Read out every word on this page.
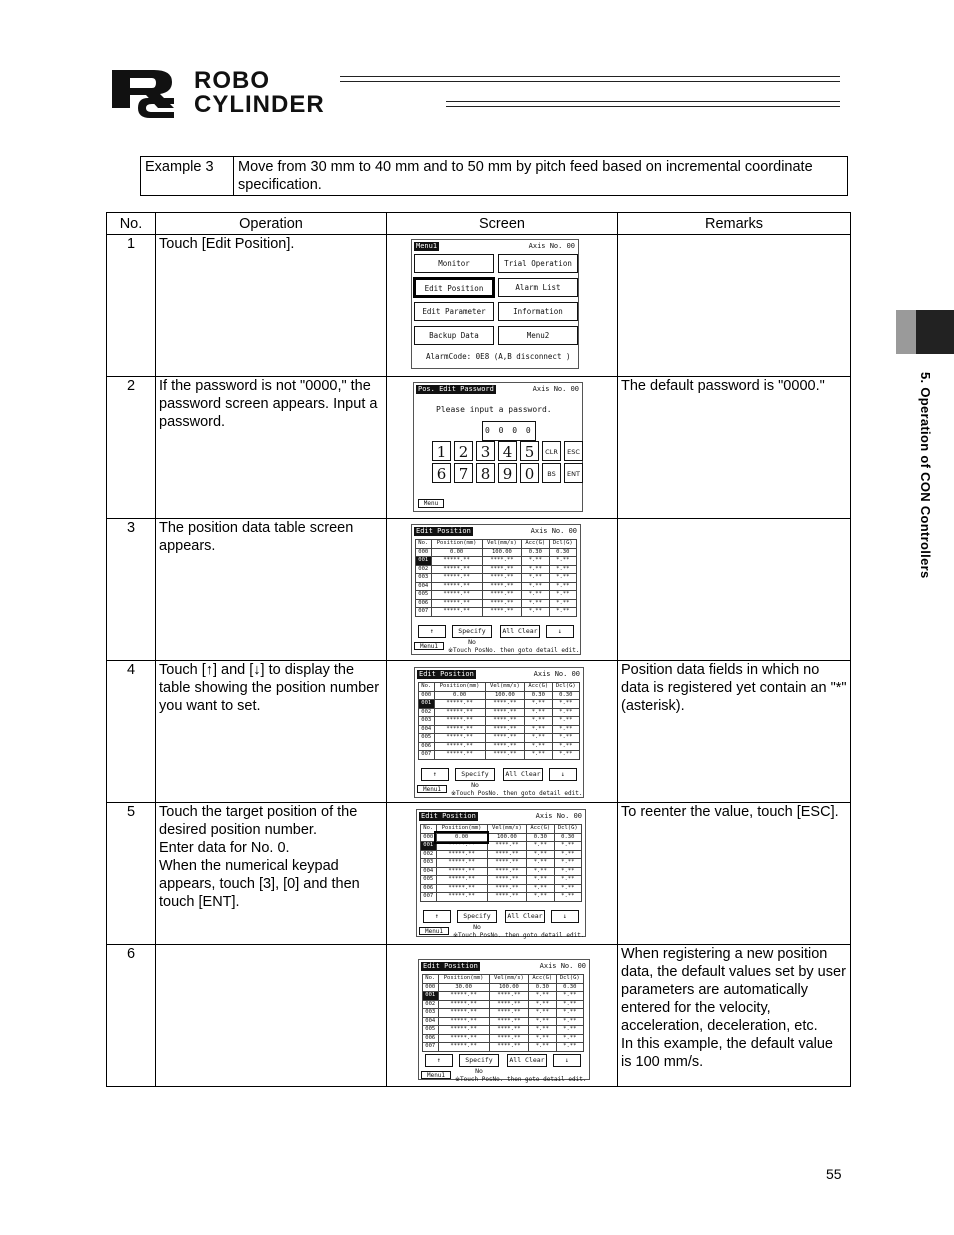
ROBO
CYLINDER
5. Operation of CON Controllers
Example 3	Move from 30 mm to 40 mm and to 50 mm by pitch feed based on incremental coordinate specification.
No.	Operation	Screen	Remarks
1	Touch [Edit Position].	Menu1	Axis No. 00
Monitor	Trial Operation
Edit Position	Alarm List
Edit Parameter	Information
Backup Data	Menu2
AlarmCode: 0E8 (A,B disconnect )

2	If the password is not "0000," the password screen appears. Input a password.	
Pos. Edit Password	Axis No. 00
Please input a password.
0 0 0 0
1 2 3 4 5	CLR	ESC
6 7 8 9 0	BS	ENT
Menu
	The default password is "0000."
3	The position data table screen appears.	
Edit Position	Axis No. 00
No.	Position(mm)	Vel(mm/s)	Acc(G)	Dcl(G)
000	0.00	100.00	0.30	0.30
001	*****.**	****.**	*.**	*.**
002	*****.**	****.**	*.**	*.**
003	*****.**	****.**	*.**	*.**
004	*****.**	****.**	*.**	*.**
005	*****.**	****.**	*.**	*.**
006	*****.**	****.**	*.**	*.**
007	*****.**	****.**	*.**	*.**
↑	Specify No
All Clear	↓
Menu1
※Touch PosNo. then goto detail edit.

4	Touch [↑] and [↓] to display the table showing the position number you want to set.	
Edit Position	Axis No. 00
No.	Position(mm)	Vel(mm/s)	Acc(G)	Dcl(G)
000	0.00	100.00	0.30	0.30
001	*****.**	****.**	*.**	*.**
002	*****.**	****.**	*.**	*.**
003	*****.**	****.**	*.**	*.**
004	*****.**	****.**	*.**	*.**
005	*****.**	****.**	*.**	*.**
006	*****.**	****.**	*.**	*.**
007	*****.**	****.**	*.**	*.**
↑	Specify No
All Clear	↓
Menu1
※Touch PosNo. then goto detail edit.
	Position data fields in which no data is registered yet contain an "*" (asterisk).
5	Touch the target position of the desired position number.
Enter data for No. 0.
When the numerical keypad appears, touch [3], [0] and then touch [ENT].	
Edit Position	Axis No. 00
No.	Position(mm)	Vel(mm/s)	Acc(G)	Dcl(G)
000	0.00	100.00	0.30	0.30
001	*****.**	****.**	*.**	*.**
002	*****.**	****.**	*.**	*.**
003	*****.**	****.**	*.**	*.**
004	*****.**	****.**	*.**	*.**
005	*****.**	****.**	*.**	*.**
006	*****.**	****.**	*.**	*.**
007	*****.**	****.**	*.**	*.**
↑	Specify No
All Clear	↓
Menu1
※Touch PosNo. then goto detail edit.
	To reenter the value, touch [ESC].
6		
Edit Position	Axis No. 00
No.	Position(mm)	Vel(mm/s)	Acc(G)	Dcl(G)
000	30.00	100.00	0.30	0.30
001	*****.**	****.**	*.**	*.**
002	*****.**	****.**	*.**	*.**
003	*****.**	****.**	*.**	*.**
004	*****.**	****.**	*.**	*.**
005	*****.**	****.**	*.**	*.**
006	*****.**	****.**	*.**	*.**
007	*****.**	****.**	*.**	*.**
↑	Specify No
All Clear	↓
Menu1
※Touch PosNo. then goto detail edit.
	When registering a new position data, the default values set by user parameters are automatically entered for the velocity, acceleration, deceleration, etc.
In this example, the default value is 100 mm/s.
55
